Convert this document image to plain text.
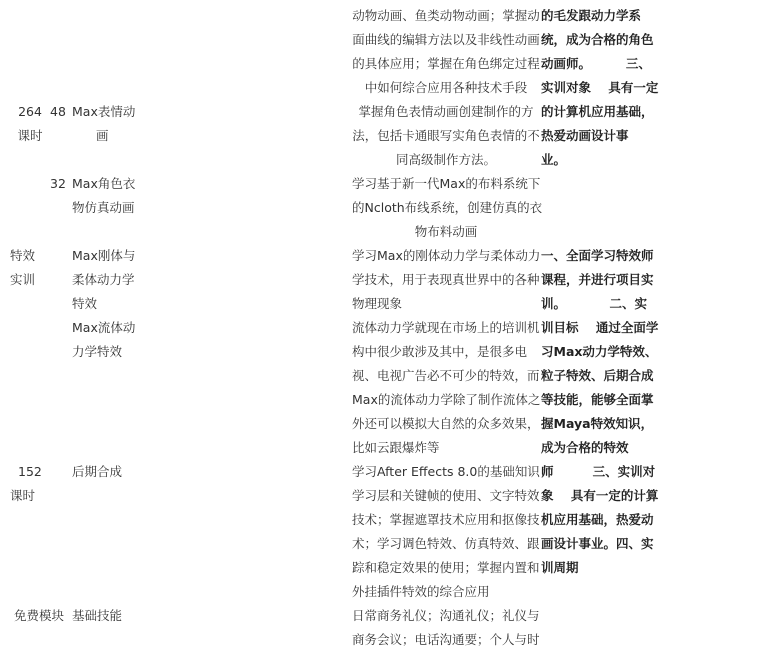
264
课时
48 Max表情动
画
动物动画、鱼类动物动画；掌握动
面曲线的编辑方法以及非线性动画
的具体应用；掌握在角色绑定过程
中如何综合应用各种技术手段
掌握角色表情动画创建制作的方
法，包括卡通眼写实角色表情的不
同高级制作方法。
32 Max角色衣
物仿真动画
学习基于新一代Max的布料系统下
的Ncloth布线系统，创建仿真的衣
物布料动画
特效
实训
Max刚体与
柔体动力学
特效
学习Max的刚体动力学与柔体动力
学技术，用于表现真世界中的各种
物理现象
Max流体动
力学特效
流体动力学就现在市场上的培训机
构中很少敢涉及其中，是很多电
视、电视广告必不可少的特效，而
Max的流体动力学除了制作流体之
外还可以模拟大自然的众多效果，
比如云跟爆炸等
152
课时
后期合成	学习After Effects 8.0的基础知识；
学习层和关键帧的使用、文字特效
技术；掌握遮罩技术应用和抠像技
术；学习调色特效、仿真特效、跟
踪和稳定效果的使用；掌握内置和
外挂插件特效的综合应用
免费模块 基础技能	日常商务礼仪；沟通礼仪；礼仪与
商务会议；电话沟通要；个人与时
的毛发跟动力学系
统，成为合格的角色
动画师。        三、
实训对象    具有一定
的计算机应用基础，
热爱动画设计事
业。
一、全面学习特效师
课程，并进行项目实
训。          二、实
训目标    通过全面学
习Max动力学特效、
粒子特效、后期合成
等技能，能够全面掌
握Maya特效知识，
成为合格的特效
师         三、实训对
象    具有一定的计算
机应用基础，热爱动
画设计事业。四、实
训周期
